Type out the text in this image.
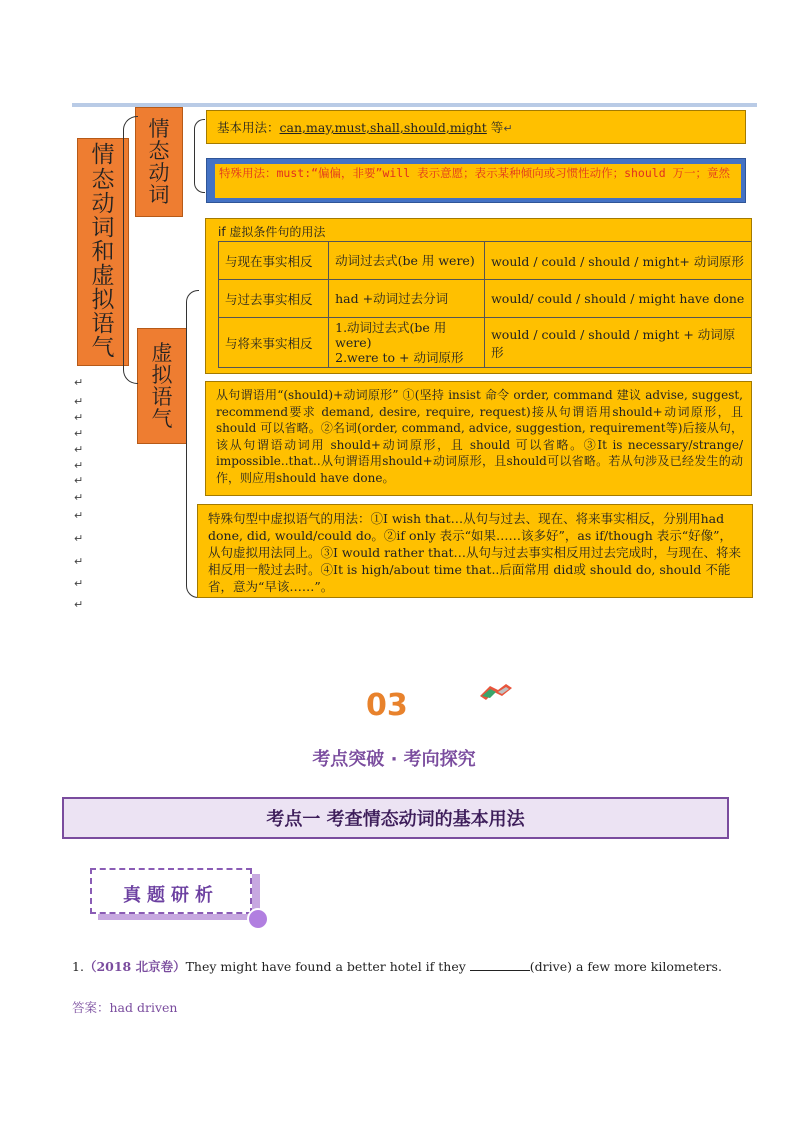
情
态
动
词
和
虚
拟
语
气
情
态
动
词
虚
拟
语
气
基本用法：can,may,must,shall,should,might 等↵
特殊用法：must:“偏偏，非要”will 表示意愿；表示某种倾向或习惯性动作；should 万一；竟然
if 虚拟条件句的用法
与现在事实相反	动词过去式(be 用 were)	would / could / should / might+ 动词原形
与过去事实相反	had +动词过去分词	would/ could / should / might have done
与将来事实相反	1.动词过去式(be 用 were)
2.were to + 动词原形	would / could / should / might + 动词原形
从句谓语用“(should)+动词原形” ①(坚持 insist 命令 order, command 建议 advise, suggest, recommend要求 demand, desire, require, request)接从句谓语用should+动词原形，且 should 可以省略。②名词(order, command, advice, suggestion, requirement等)后接从句，该从句谓语动词用 should+动词原形，且 should 可以省略。③It is necessary/strange/ impossible..that..从句谓语用should+动词原形，且should可以省略。若从句涉及已经发生的动作，则应用should have done。
特殊句型中虚拟语气的用法：①I wish that…从句与过去、现在、将来事实相反，分别用had done, did, would/could do。②if only 表示“如果……该多好”，as if/though 表示“好像”，从句虚拟用法同上。③I would rather that…从句与过去事实相反用过去完成时，与现在、将来相反用一般过去时。④It is high/about time that..后面常用 did或 should do, should 不能省，意为“早该……”。
↵
↵
↵
↵
↵
↵
↵
↵
↵
↵
↵
↵
↵
03
考点突破 · 考向探究
考点一 考查情态动词的基本用法
真题研析
1.（2018 北京卷）They might have found a better hotel if they	(drive) a few more kilometers.
答案：had driven
